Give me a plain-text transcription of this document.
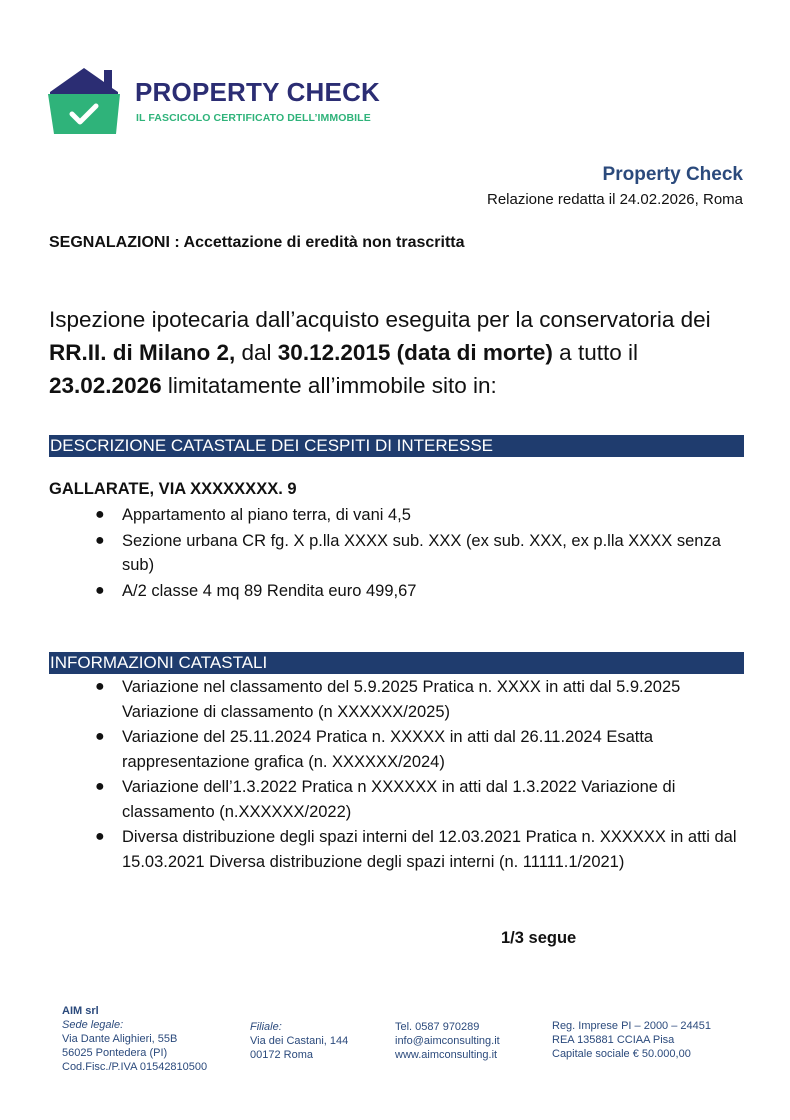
PROPERTY CHECK
IL FASCICOLO CERTIFICATO DELL’IMMOBILE
Property Check
Relazione redatta il 24.02.2026, Roma
SEGNALAZIONI : Accettazione di eredità non trascritta
Ispezione ipotecaria dall’acquisto eseguita per la conservatoria dei RR.II. di Milano 2, dal 30.12.2015 (data di morte) a tutto il
23.02.2026 limitatamente all’immobile sito in:
DESCRIZIONE CATASTALE DEI CESPITI DI INTERESSE
GALLARATE, VIA XXXXXXXX. 9
● Appartamento al piano terra, di vani 4,5
● Sezione urbana CR fg. X p.lla XXXX sub. XXX (ex sub. XXX, ex p.lla XXXX senza sub)
● A/2 classe 4 mq 89 Rendita euro 499,67
INFORMAZIONI CATASTALI
● Variazione nel classamento del 5.9.2025 Pratica n. XXXX in atti dal 5.9.2025 Variazione di classamento (n XXXXXX/2025)
● Variazione del 25.11.2024 Pratica n. XXXXX in atti dal 26.11.2024 Esatta rappresentazione grafica (n. XXXXXX/2024)
● Variazione dell’1.3.2022 Pratica n XXXXXX in atti dal 1.3.2022 Variazione di classamento (n.XXXXXX/2022)
● Diversa distribuzione degli spazi interni del 12.03.2021 Pratica n. XXXXXX in atti dal 15.03.2021 Diversa distribuzione degli spazi interni (n. 11111.1/2021)
1/3 segue
AIM srl
Sede legale:
Via Dante Alighieri, 55B
56025 Pontedera (PI)
Cod.Fisc./P.IVA 01542810500
Filiale:
Via dei Castani, 144
00172 Roma
Tel. 0587 970289
info@aimconsulting.it
www.aimconsulting.it
Reg. Imprese PI – 2000 – 24451
REA 135881 CCIAA Pisa
Capitale sociale € 50.000,00
